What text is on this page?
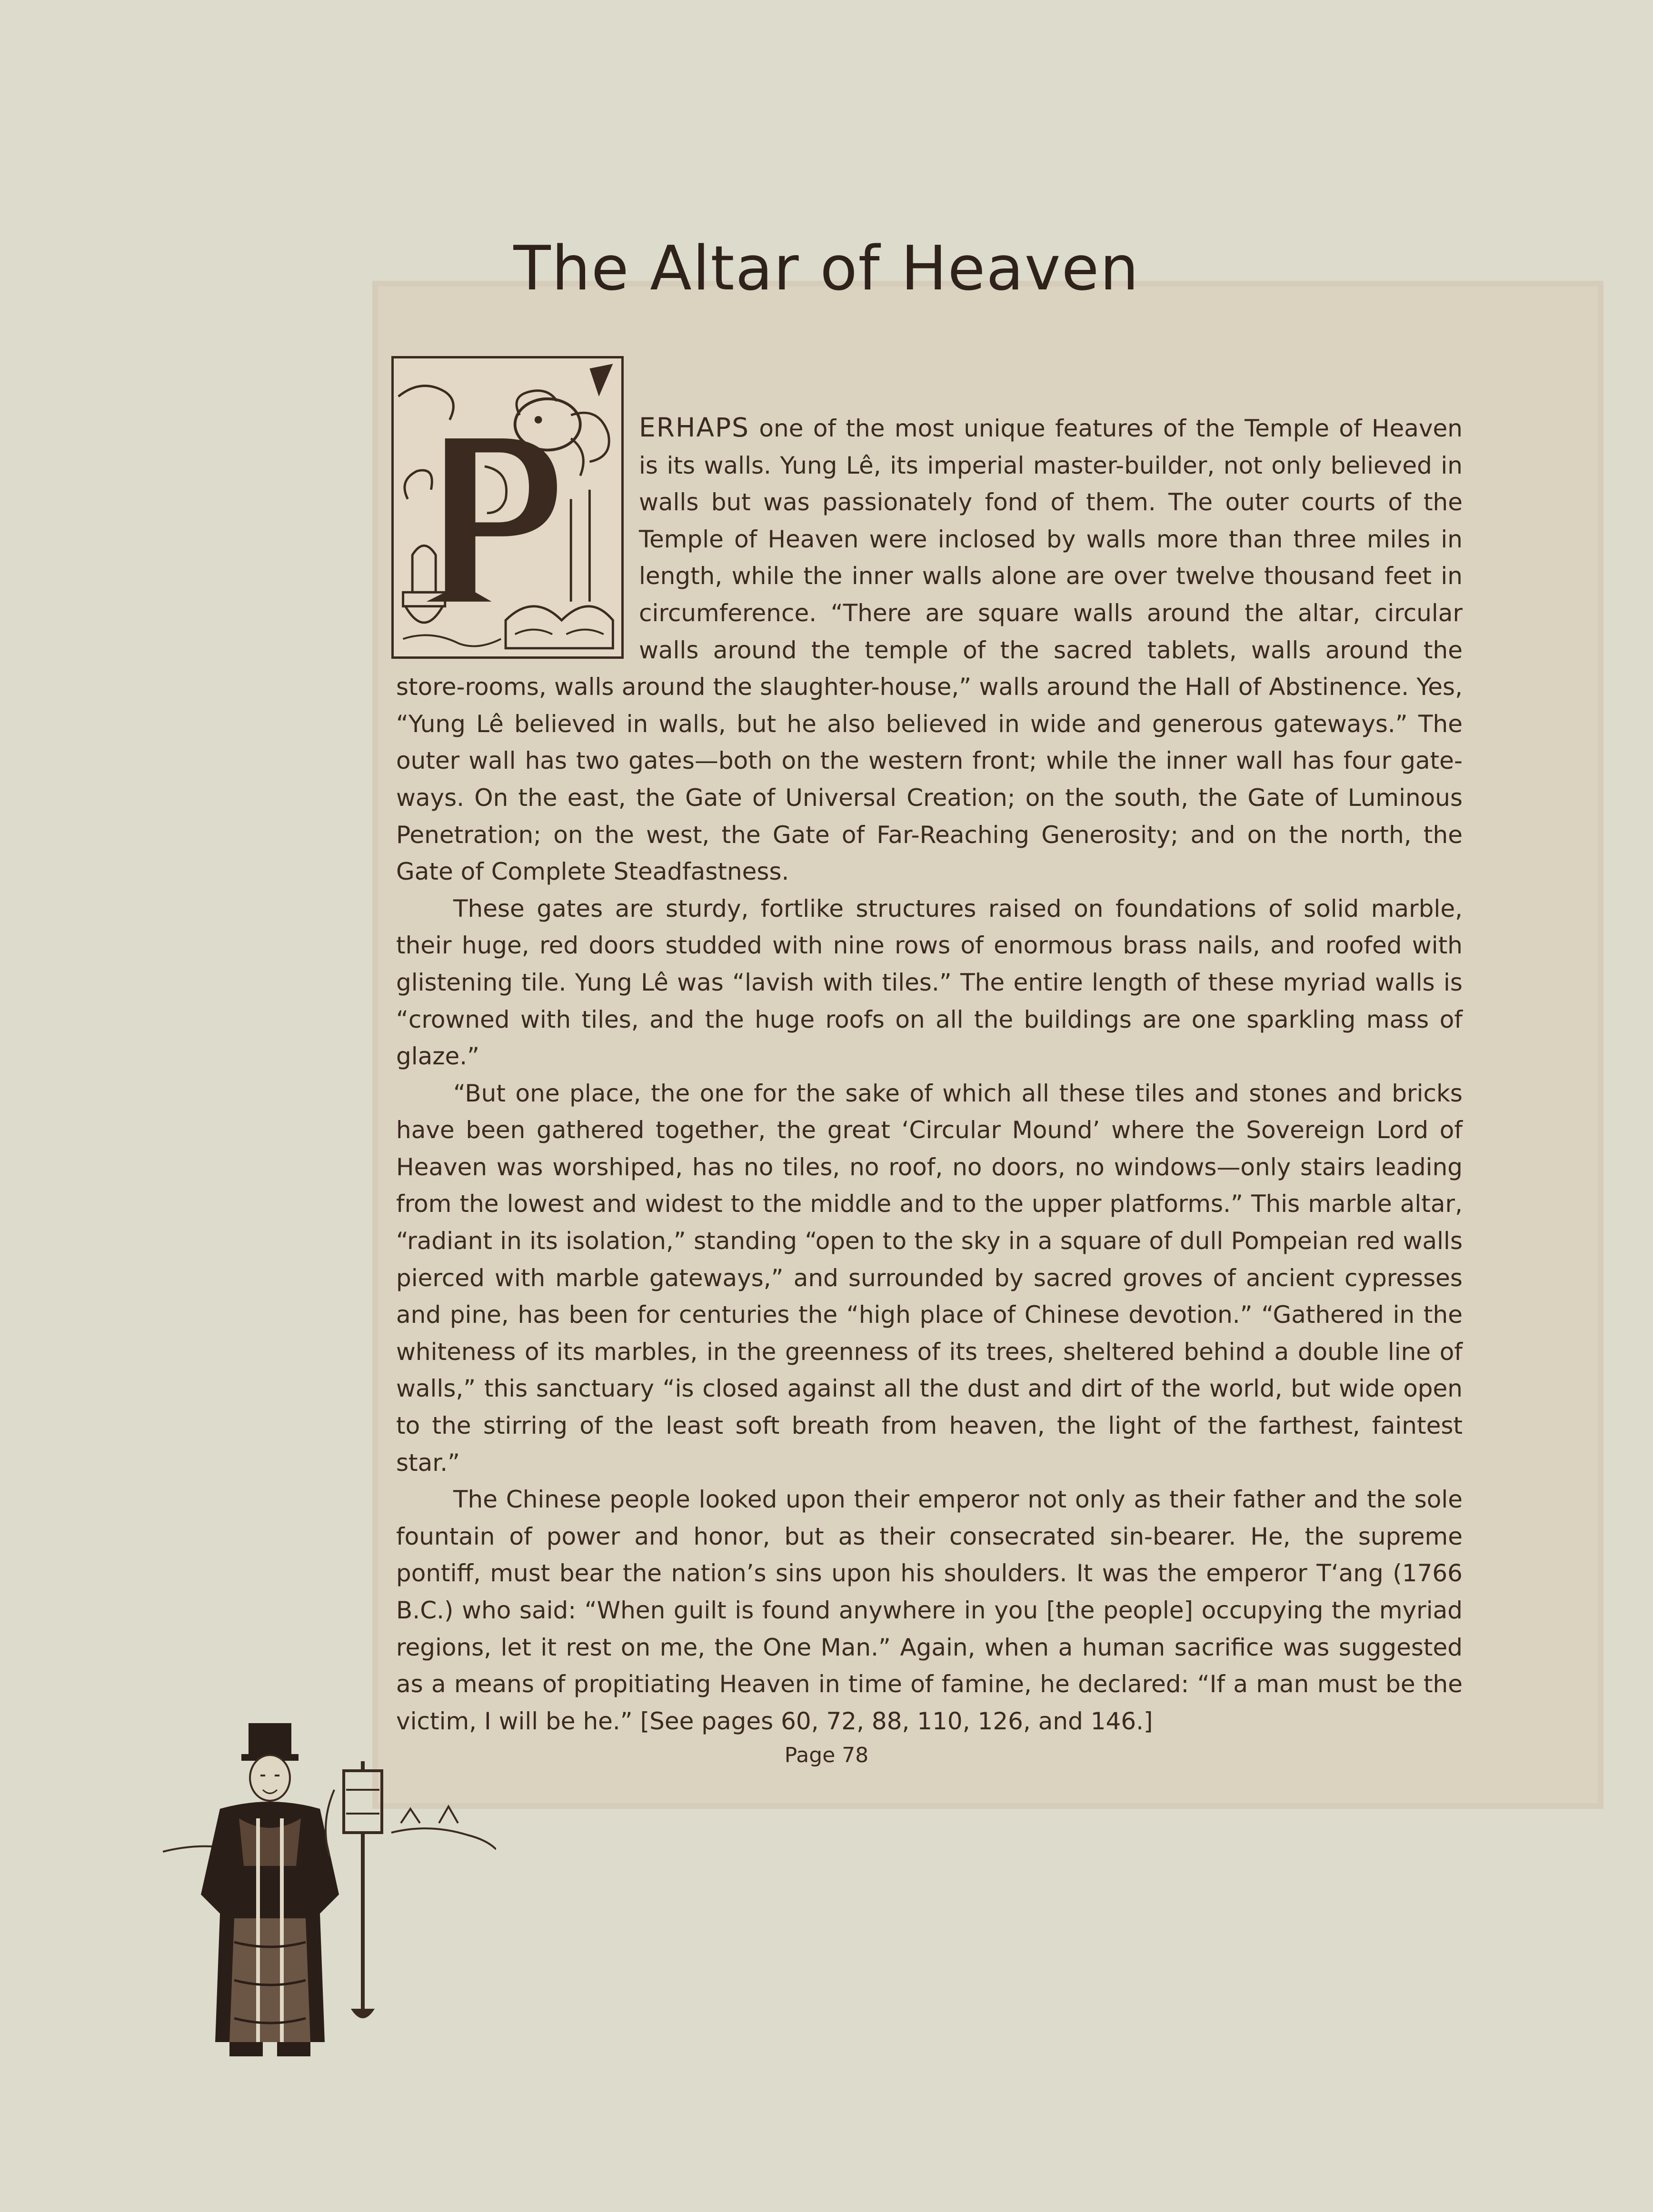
The Altar of Heaven

ERHAPS one of the most unique features of the Temple of Heaven is its walls. Yung Lê, its imperial master-builder, not only believed in walls but was passionately fond of them. The outer courts of the Temple of Heaven were inclosed by walls more than three miles in length, while the inner walls alone are over twelve thousand feet in circumference. “There are square walls around the altar, circular walls around the temple of the sacred tablets, walls around the store-rooms, walls around the slaughter-house,” walls around the Hall of Abstinence. Yes, “Yung Lê believed in walls, but he also believed in wide and generous gateways.” The outer wall has two gates—both on the western front; while the inner wall has four gate-ways. On the east, the Gate of Universal Creation; on the south, the Gate of Luminous Penetration; on the west, the Gate of Far-Reaching Generosity; and on the north, the Gate of Complete Steadfastness.

These gates are sturdy, fortlike structures raised on foundations of solid marble, their huge, red doors studded with nine rows of enormous brass nails, and roofed with glistening tile. Yung Lê was “lavish with tiles.” The entire length of these myriad walls is “crowned with tiles, and the huge roofs on all the buildings are one sparkling mass of glaze.”

“But one place, the one for the sake of which all these tiles and stones and bricks have been gathered together, the great ‘Circular Mound’ where the Sovereign Lord of Heaven was worshiped, has no tiles, no roof, no doors, no windows—only stairs leading from the lowest and widest to the middle and to the upper platforms.” This marble altar, “radiant in its isolation,” standing “open to the sky in a square of dull Pompeian red walls pierced with marble gateways,” and surrounded by sacred groves of ancient cypresses and pine, has been for centuries the “high place of Chinese devotion.” “Gathered in the whiteness of its marbles, in the greenness of its trees, sheltered behind a double line of walls,” this sanctuary “is closed against all the dust and dirt of the world, but wide open to the stirring of the least soft breath from heaven, the light of the farthest, faintest star.”

The Chinese people looked upon their emperor not only as their father and the sole fountain of power and honor, but as their consecrated sin-bearer. He, the supreme pontiff, must bear the nation’s sins upon his shoulders. It was the emperor T‘ang (1766 B.C.) who said: “When guilt is found anywhere in you [the people] occupying the myriad regions, let it rest on me, the One Man.” Again, when a human sacrifice was suggested as a means of propitiating Heaven in time of famine, he declared: “If a man must be the victim, I will be he.” [See pages 60, 72, 88, 110, 126, and 146.]

Page 78
